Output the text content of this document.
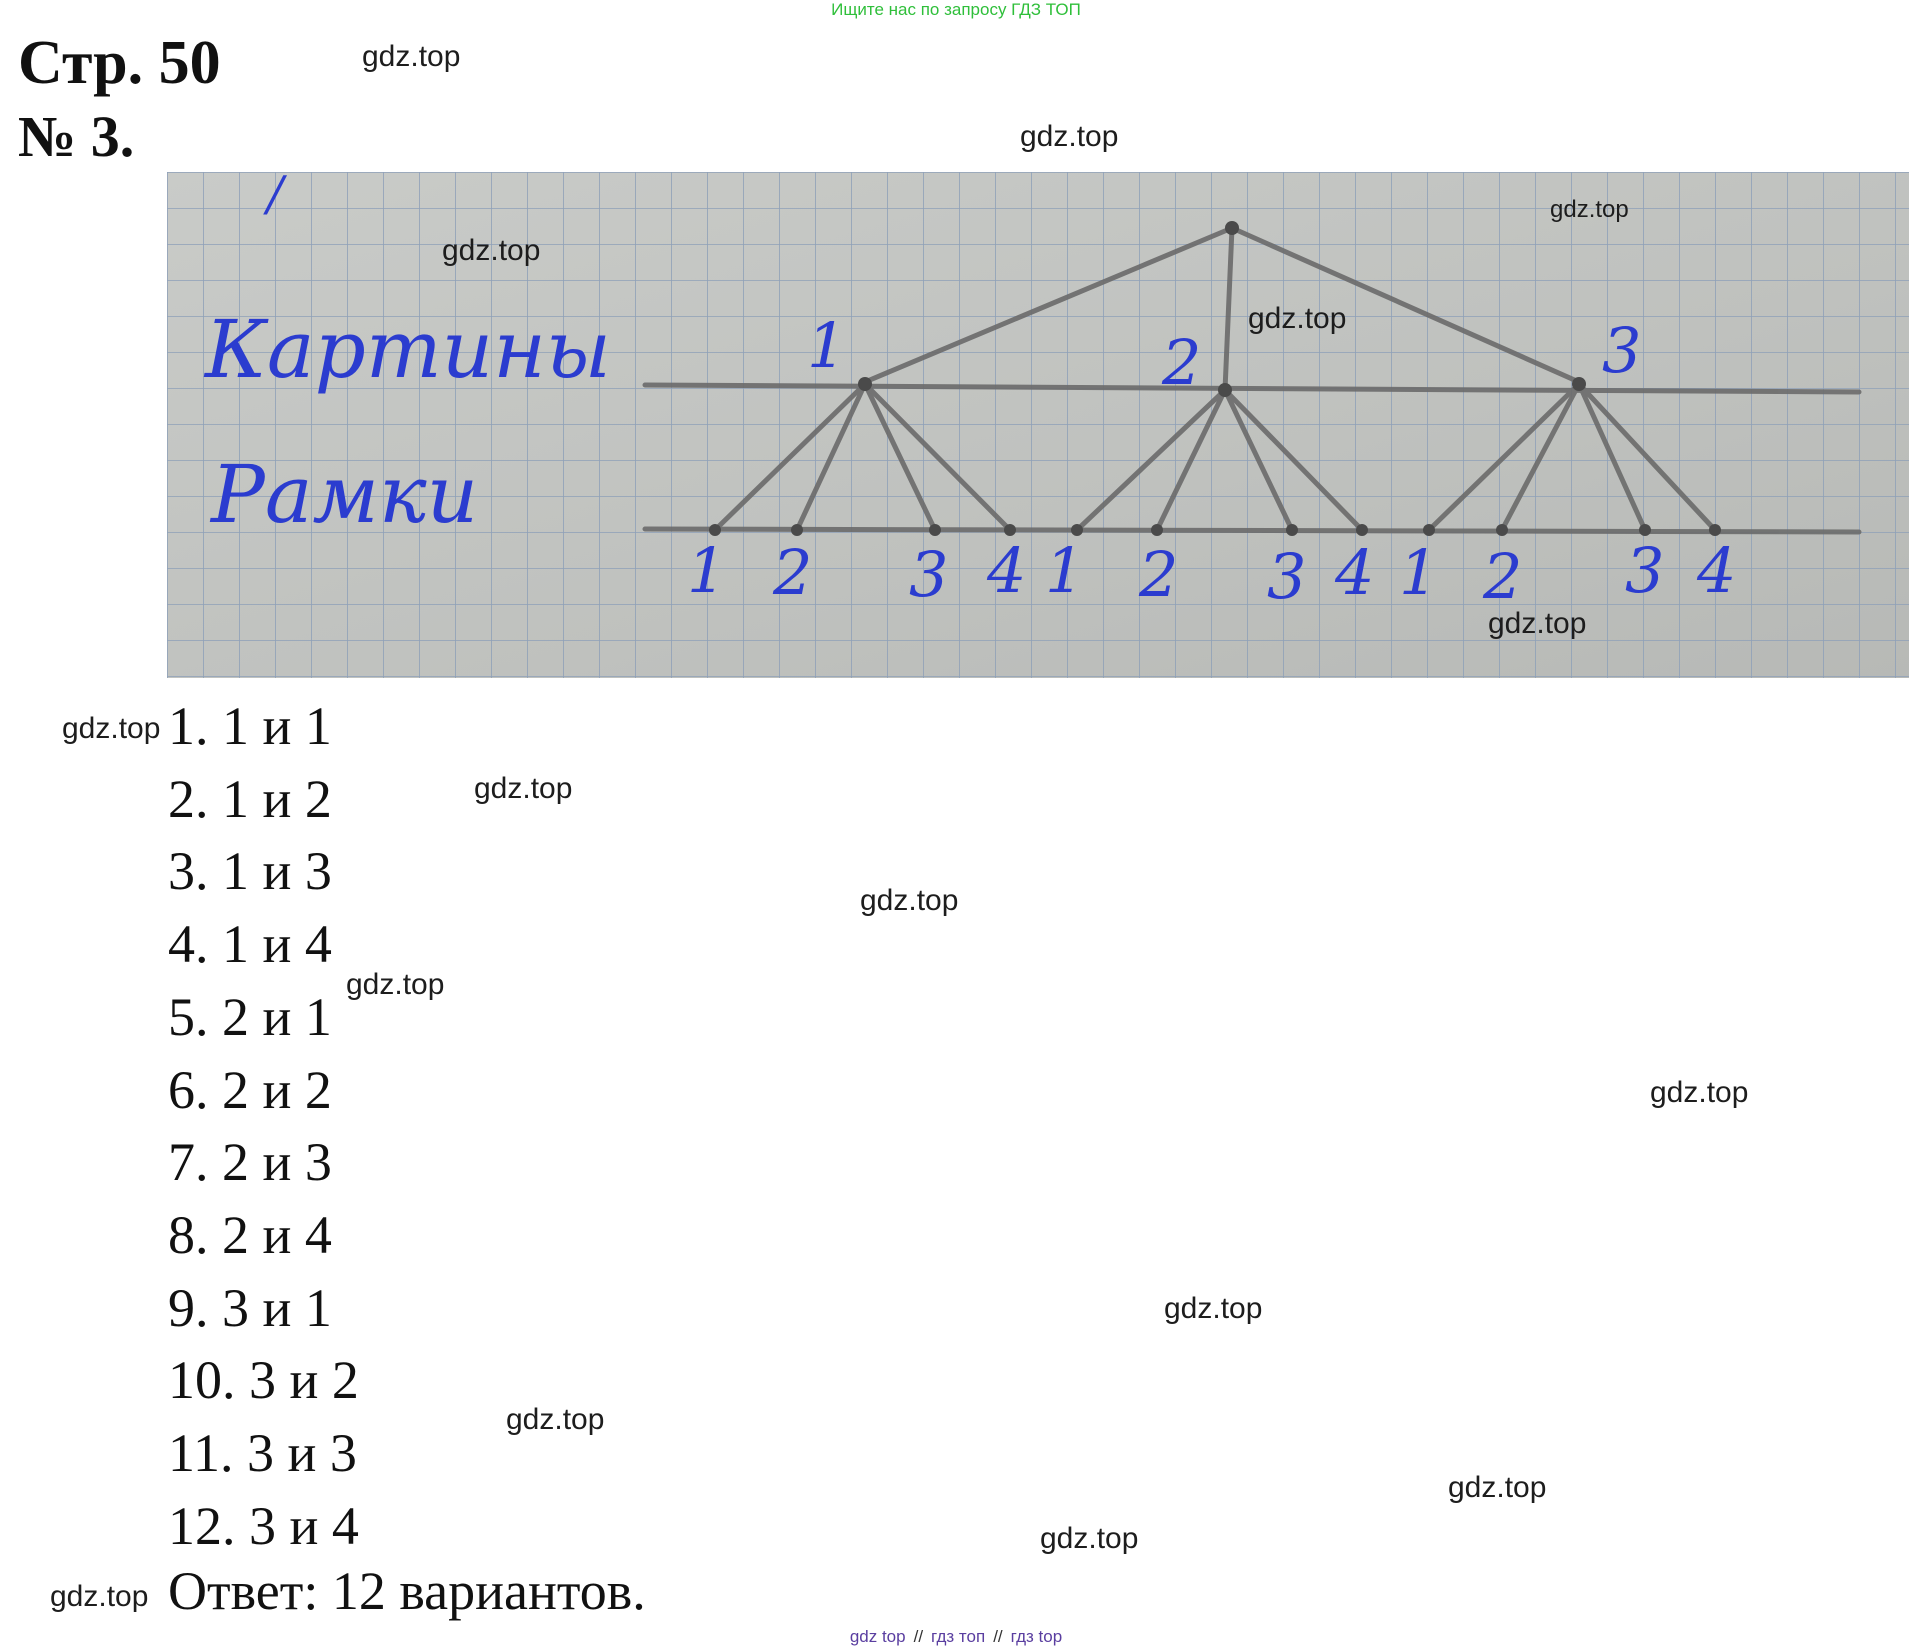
Ищите нас по запросу ГДЗ ТОП
Стр. 50
№ 3.
/
Картины
Рамки
1	2	3
1 2 3 4 1 2 3 4 1 2 3 4
1. 1 и 1
2. 1 и 2
3. 1 и 3
4. 1 и 4
5. 2 и 1
6. 2 и 2
7. 2 и 3
8. 2 и 4
9. 3 и 1
10. 3 и 2
11. 3 и 3
12. 3 и 4
Ответ: 12 вариантов.
gdz.top
gdz.top
gdz.top
gdz.top
gdz.top
gdz.top
gdz.top
gdz.top
gdz.top
gdz.top
gdz.top
gdz.top
gdz.top
gdz.top
gdz.top
gdz.top
gdz top // гдз топ // гдз top
